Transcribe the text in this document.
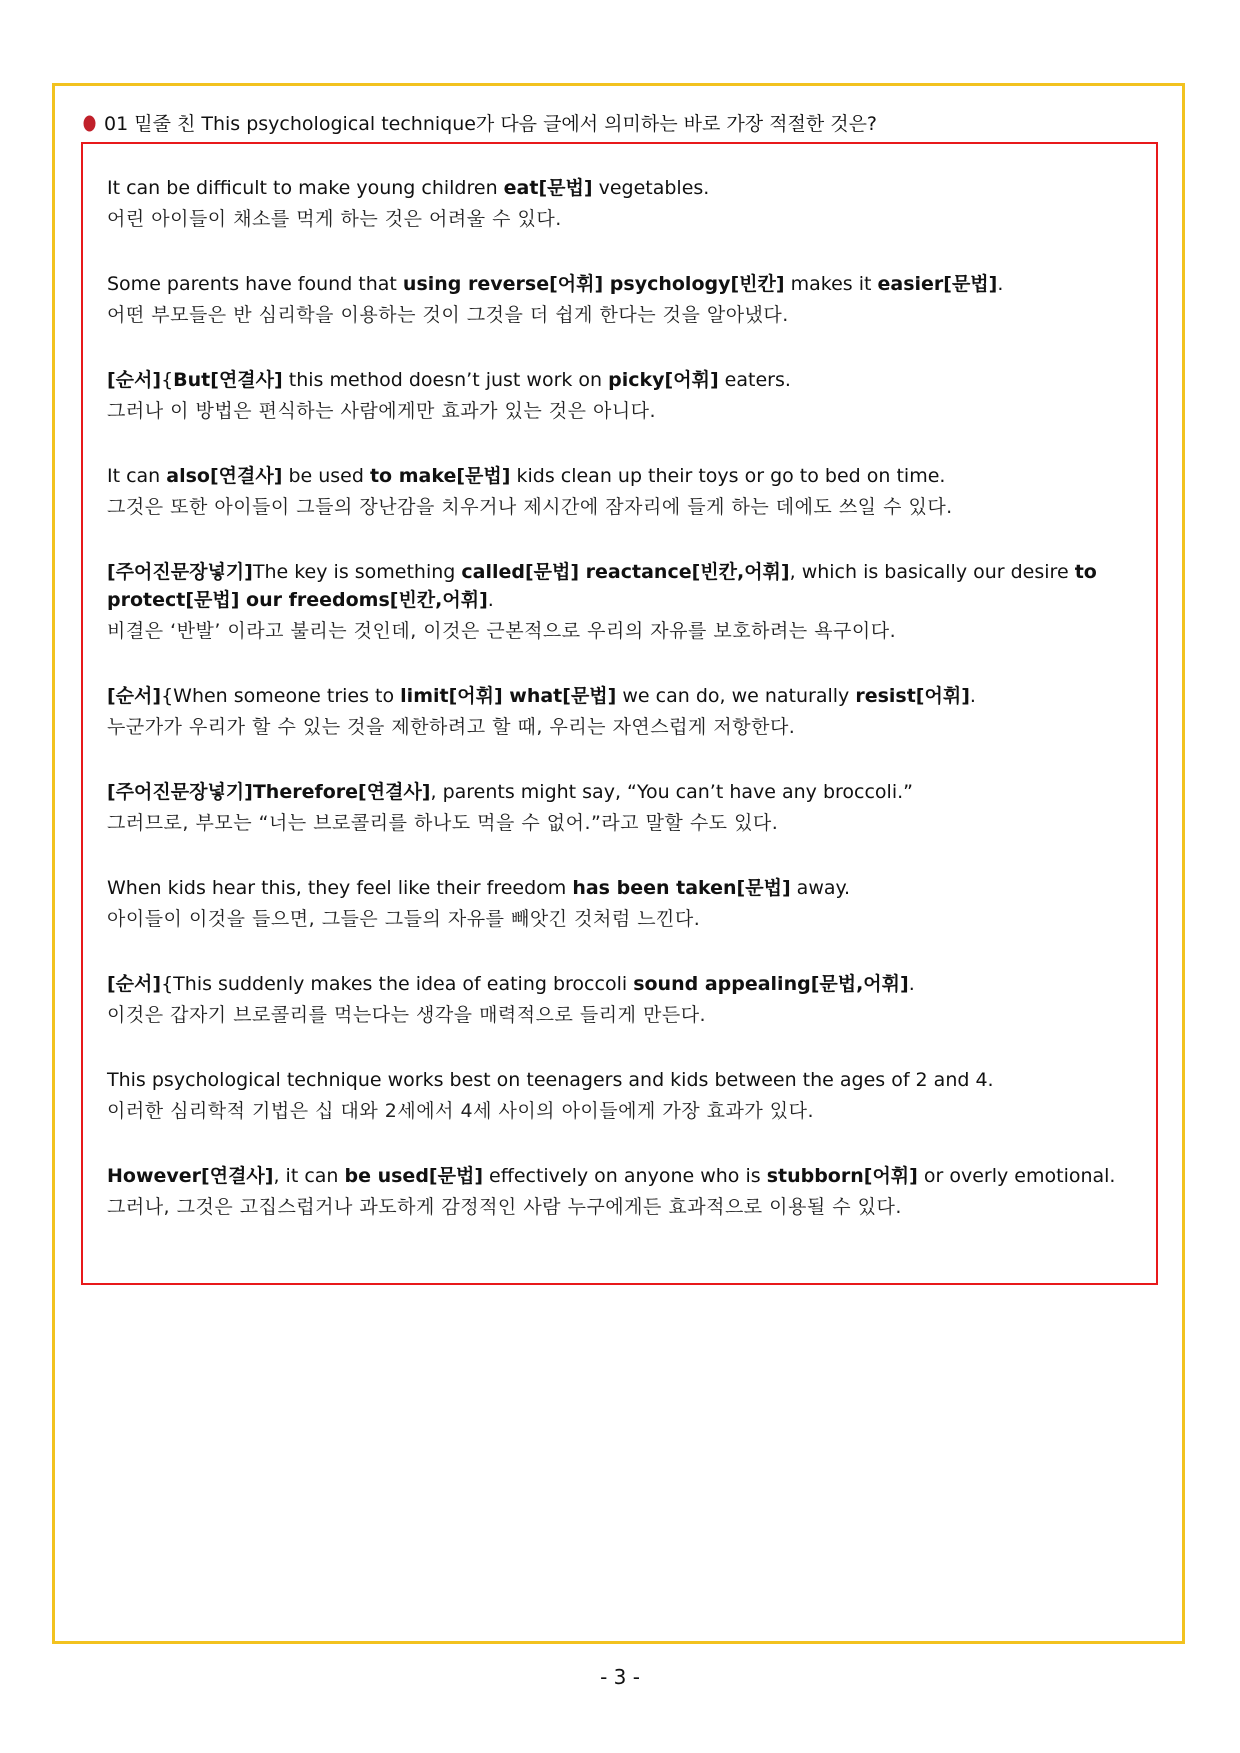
01 밑줄 친 This psychological technique가 다음 글에서 의미하는 바로 가장 적절한 것은?
It can be difficult to make young children eat[문법] vegetables.
어린 아이들이 채소를 먹게 하는 것은 어려울 수 있다.
Some parents have found that using reverse[어휘] psychology[빈칸] makes it easier[문법].
어떤 부모들은 반 심리학을 이용하는 것이 그것을 더 쉽게 한다는 것을 알아냈다.
[순서]{But[연결사] this method doesn’t just work on picky[어휘] eaters.
그러나 이 방법은 편식하는 사람에게만 효과가 있는 것은 아니다.
It can also[연결사] be used to make[문법] kids clean up their toys or go to bed on time.
그것은 또한 아이들이 그들의 장난감을 치우거나 제시간에 잠자리에 들게 하는 데에도 쓰일 수 있다.
[주어진문장넣기]The key is something called[문법] reactance[빈칸,어휘], which is basically our desire to protect[문법] our freedoms[빈칸,어휘].
비결은 ‘반발’ 이라고 불리는 것인데, 이것은 근본적으로 우리의 자유를 보호하려는 욕구이다.
[순서]{When someone tries to limit[어휘] what[문법] we can do, we naturally resist[어휘].
누군가가 우리가 할 수 있는 것을 제한하려고 할 때, 우리는 자연스럽게 저항한다.
[주어진문장넣기]Therefore[연결사], parents might say, “You can’t have any broccoli.”
그러므로, 부모는 “너는 브로콜리를 하나도 먹을 수 없어.”라고 말할 수도 있다.
When kids hear this, they feel like their freedom has been taken[문법] away.
아이들이 이것을 들으면, 그들은 그들의 자유를 빼앗긴 것처럼 느낀다.
[순서]{This suddenly makes the idea of eating broccoli sound appealing[문법,어휘].
이것은 갑자기 브로콜리를 먹는다는 생각을 매력적으로 들리게 만든다.
This psychological technique works best on teenagers and kids between the ages of 2 and 4.
이러한 심리학적 기법은 십 대와 2세에서 4세 사이의 아이들에게 가장 효과가 있다.
However[연결사], it can be used[문법] effectively on anyone who is stubborn[어휘] or overly emotional.
그러나, 그것은 고집스럽거나 과도하게 감정적인 사람 누구에게든 효과적으로 이용될 수 있다.
- 3 -
